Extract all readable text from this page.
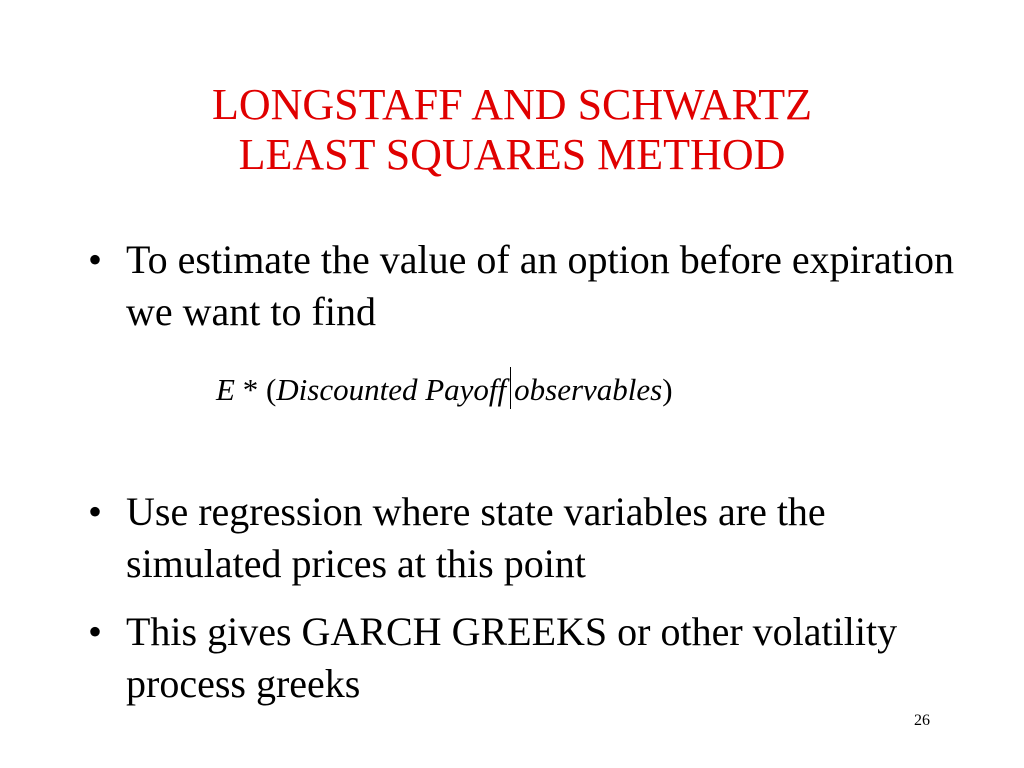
LONGSTAFF AND SCHWARTZ
LEAST SQUARES METHOD
• To estimate the value of an option before expiration we want to find
E * (Discounted Payoff observables)
• Use regression where state variables are the simulated prices at this point
• This gives GARCH GREEKS or other volatility process greeks
26
